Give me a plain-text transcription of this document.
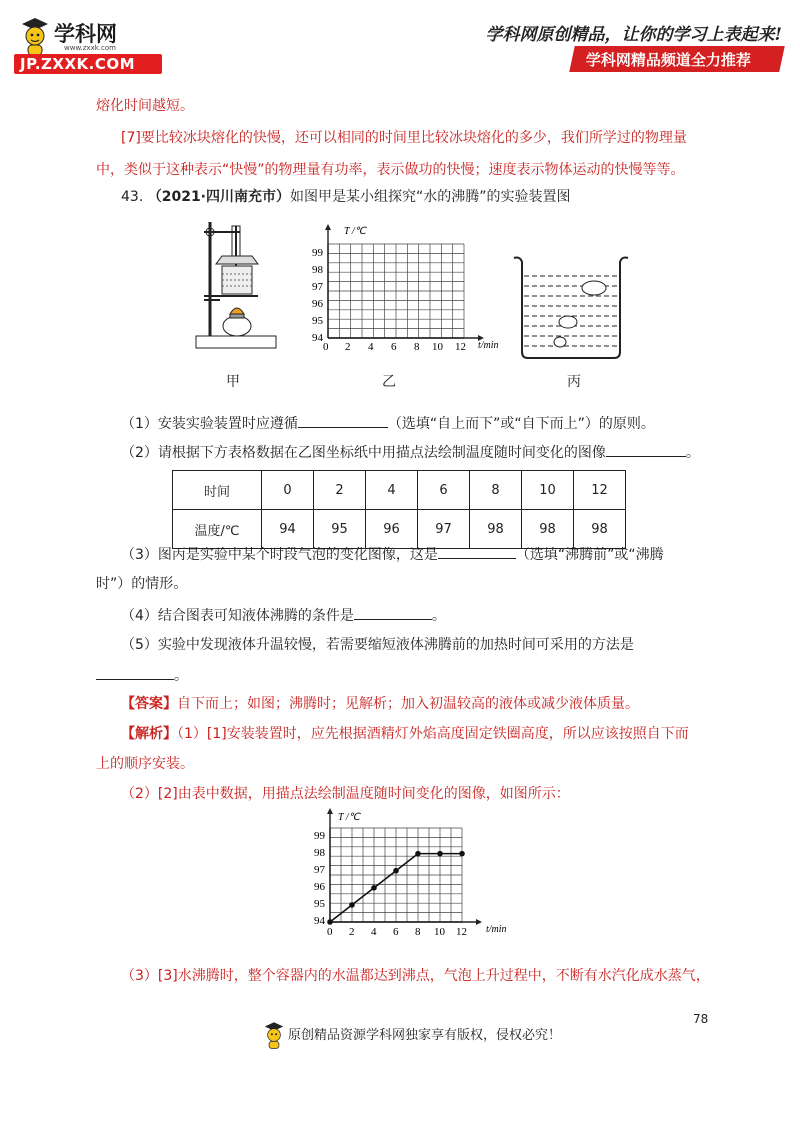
学科网
www.zxxk.com
JP.ZXXK.COM
学科网原创精品，让你的学习上表起来!
学科网精品频道全力推荐
熔化时间越短。
[7]要比较冰块熔化的快慢，还可以相同的时间里比较冰块熔化的多少，我们所学过的物理量
中，类似于这种表示“快慢”的物理量有功率，表示做功的快慢；速度表示物体运动的快慢等等。
43. （2021·四川南充市）如图甲是某小组探究“水的沸腾”的实验装置图
甲
T /℃
t/min
99
98
97
96
95
94
0 2 4 6 8 10 12
乙	丙
（1）安装实验装置时应遵循	（选填“自上而下”或“自下而上”）的原则。
（2）请根据下方表格数据在乙图坐标纸中用描点法绘制温度随时间变化的图像	。
时间	0	2	4	6	8	10	12
温度/℃	94	95	96	97	98	98	98
（3）图丙是实验中某个时段气泡的变化图像，这是	（选填“沸腾前”或“沸腾
时”）的情形。
（4）结合图表可知液体沸腾的条件是	。
（5）实验中发现液体升温较慢，若需要缩短液体沸腾前的加热时间可采用的方法是
。
【答案】自下而上；如图；沸腾时；见解析；加入初温较高的液体或减少液体质量。
【解析】（1）[1]安装装置时，应先根据酒精灯外焰高度固定铁圈高度，所以应该按照自下而
上的顺序安装。
（2）[2]由表中数据，用描点法绘制温度随时间变化的图像，如图所示：
T /℃
t/min
99
98
97
96
95
94
0 2 4 6 8 10 12
（3）[3]水沸腾时，整个容器内的水温都达到沸点，气泡上升过程中，不断有水汽化成水蒸气，
78
原创精品资源学科网独家享有版权，侵权必究！
